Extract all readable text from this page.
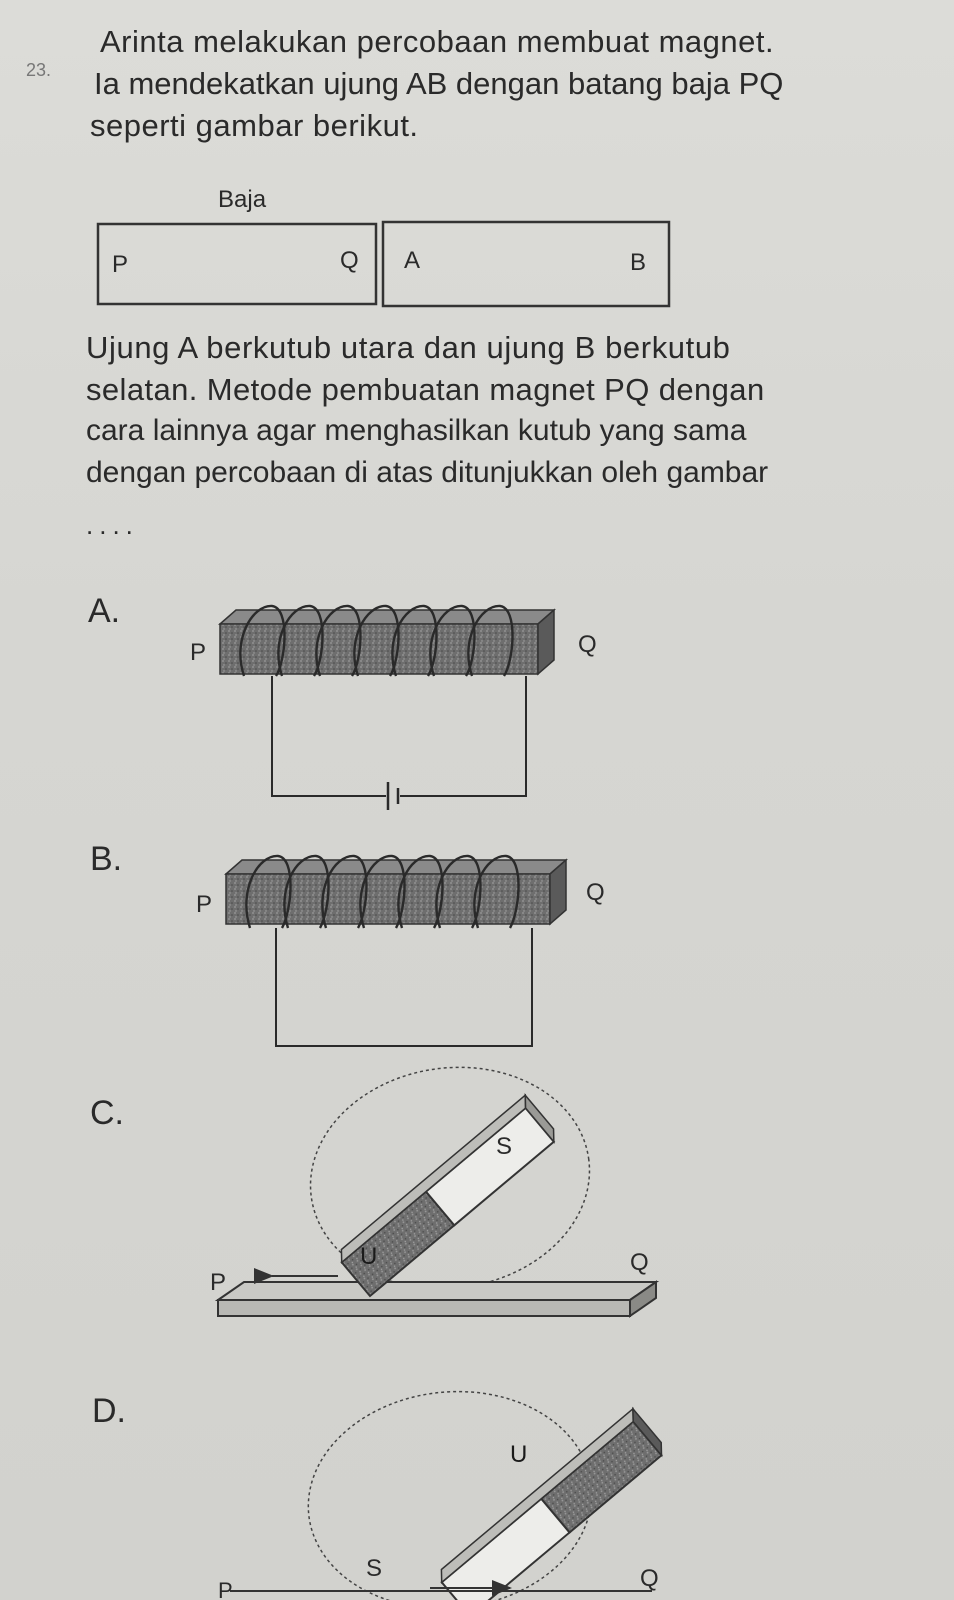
23.
Arinta melakukan percobaan membuat magnet.
Ia mendekatkan ujung AB dengan batang baja PQ
seperti gambar berikut.
Baja
P	Q A	B
P	Q
P	Q
S
U
P
Q
U
S
P	Q
Ujung A berkutub utara dan ujung B berkutub
selatan. Metode pembuatan magnet PQ dengan
cara lainnya agar menghasilkan kutub yang sama
dengan percobaan di atas ditunjukkan oleh gambar
....
A.
B.
C.
D.
